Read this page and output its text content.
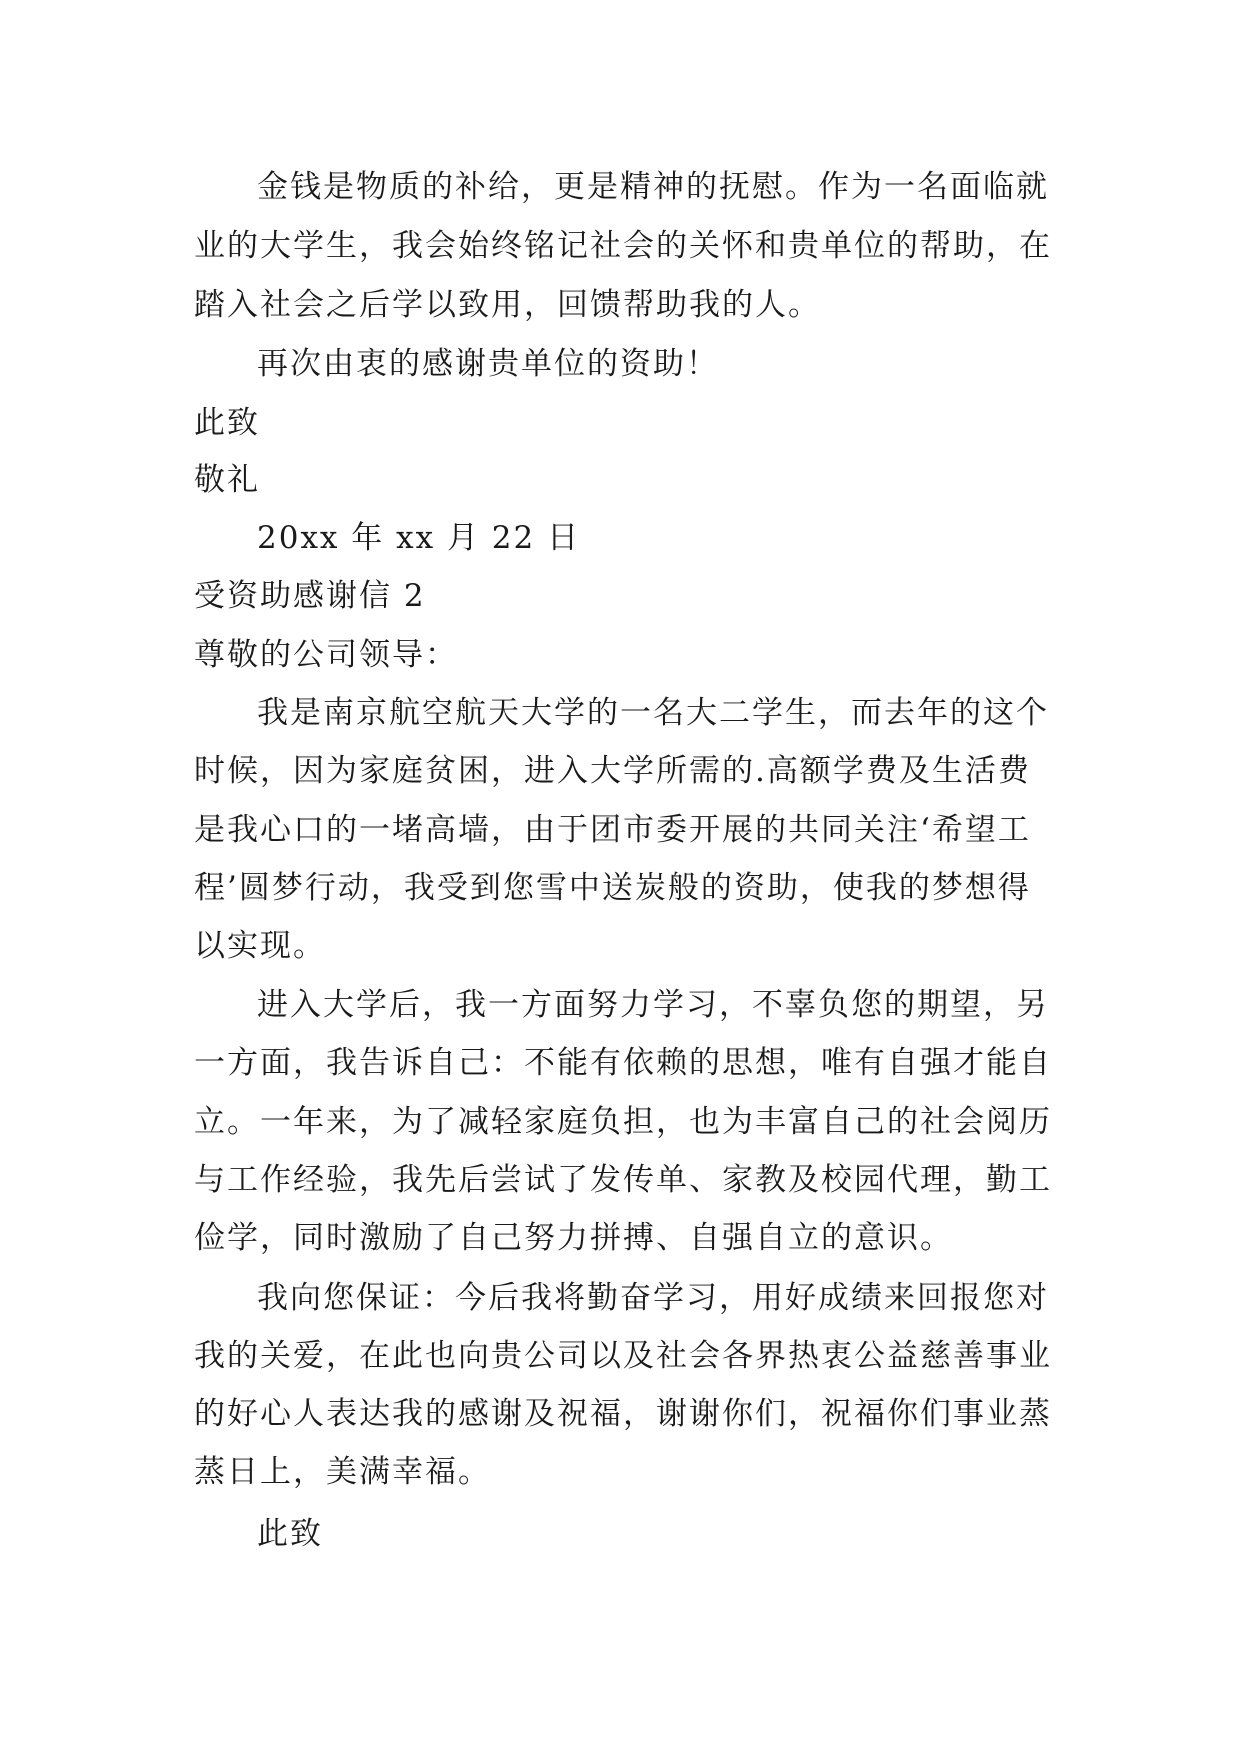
金钱是物质的补给，更是精神的抚慰。作为一名面临就
业的大学生，我会始终铭记社会的关怀和贵单位的帮助，在
踏入社会之后学以致用，回馈帮助我的人。
再次由衷的感谢贵单位的资助！
此致
敬礼
20xx 年 xx 月 22 日
受资助感谢信 2
尊敬的公司领导：
我是南京航空航天大学的一名大二学生，而去年的这个
时候，因为家庭贫困，进入大学所需的.高额学费及生活费
是我心口的一堵高墙，由于团市委开展的共同关注‘希望工
程’圆梦行动，我受到您雪中送炭般的资助，使我的梦想得
以实现。
进入大学后，我一方面努力学习，不辜负您的期望，另
一方面，我告诉自己：不能有依赖的思想，唯有自强才能自
立。一年来，为了减轻家庭负担，也为丰富自己的社会阅历
与工作经验，我先后尝试了发传单、家教及校园代理，勤工
俭学，同时激励了自己努力拼搏、自强自立的意识。
我向您保证：今后我将勤奋学习，用好成绩来回报您对
我的关爱，在此也向贵公司以及社会各界热衷公益慈善事业
的好心人表达我的感谢及祝福，谢谢你们，祝福你们事业蒸
蒸日上，美满幸福。
此致
